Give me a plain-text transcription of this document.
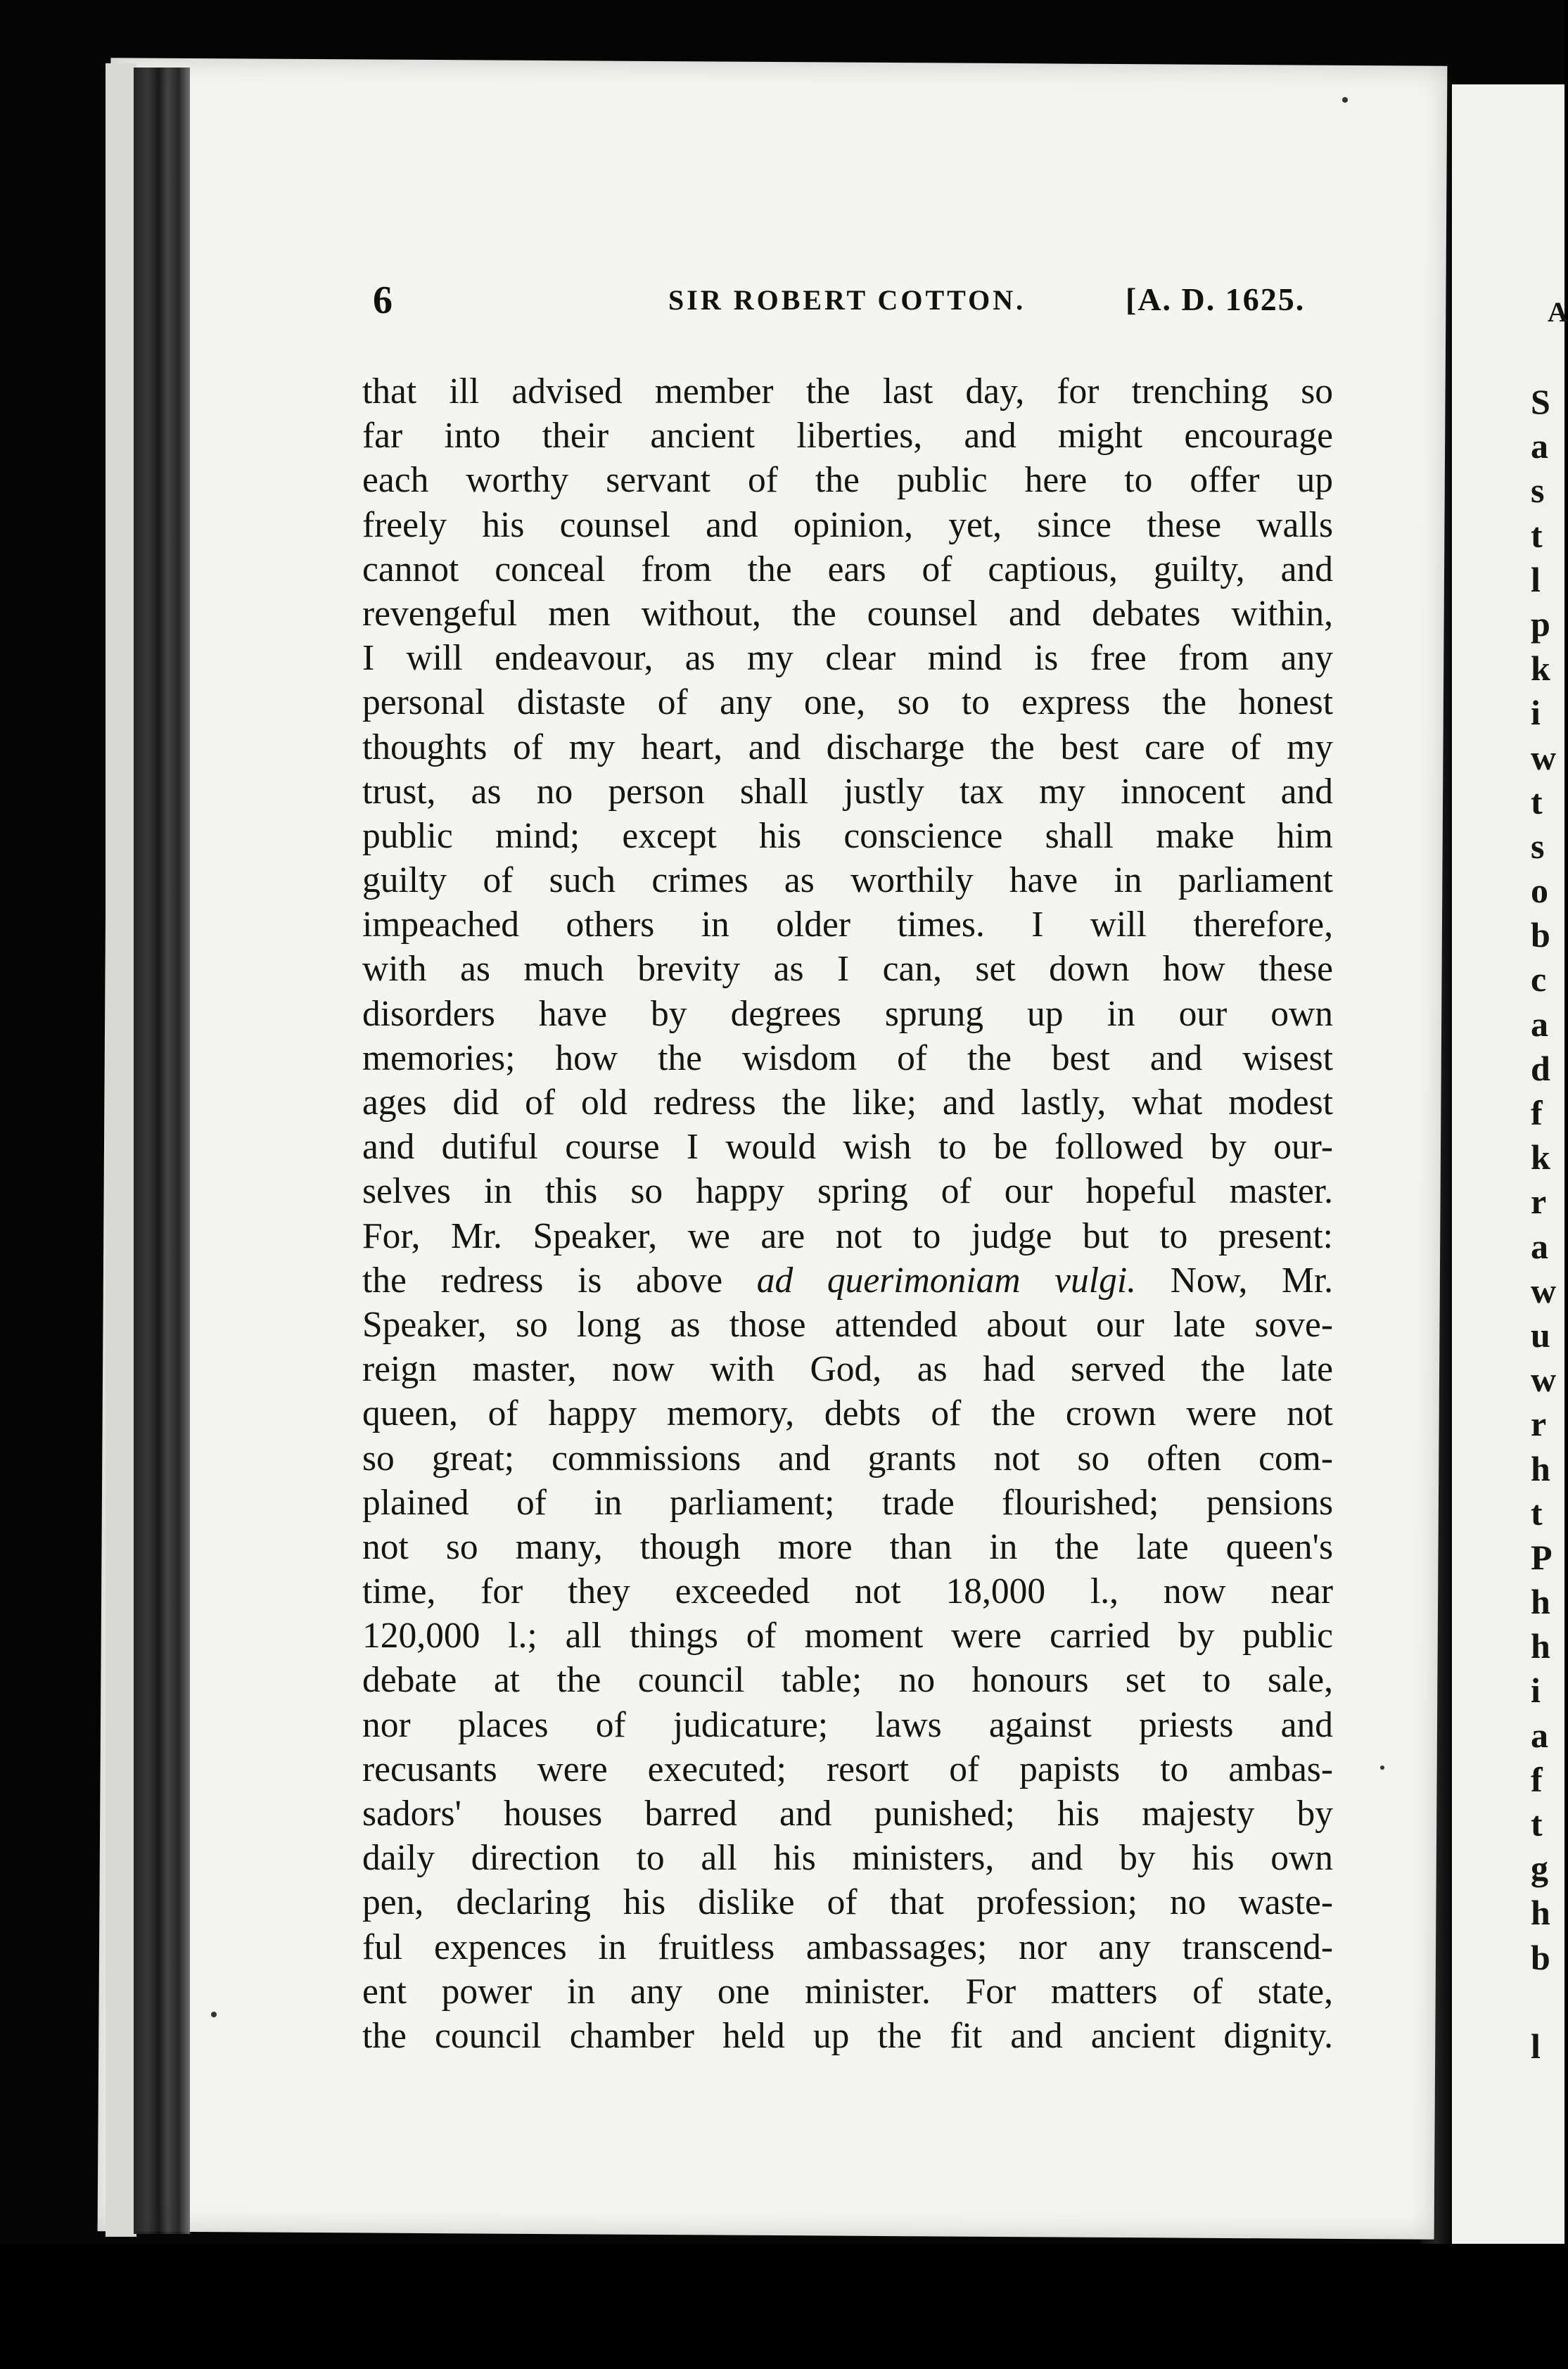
6	SIR ROBERT COTTON.	[A. D. 1625.
that ill advised member the last day, for trenching so
far into their ancient liberties, and might encourage
each worthy servant of the public here to offer up
freely his counsel and opinion, yet, since these walls
cannot conceal from the ears of captious, guilty, and
revengeful men without, the counsel and debates within,
I will endeavour, as my clear mind is free from any
personal distaste of any one, so to express the honest
thoughts of my heart, and discharge the best care of my
trust, as no person shall justly tax my innocent and
public mind; except his conscience shall make him
guilty of such crimes as worthily have in parliament
impeached others in older times. I will therefore,
with as much brevity as I can, set down how these
disorders have by degrees sprung up in our own
memories; how the wisdom of the best and wisest
ages did of old redress the like; and lastly, what modest
and dutiful course I would wish to be followed by our-
selves in this so happy spring of our hopeful master.
For, Mr. Speaker, we are not to judge but to present:
the redress is above ad querimoniam vulgi. Now, Mr.
Speaker, so long as those attended about our late sove-
reign master, now with God, as had served the late
queen, of happy memory, debts of the crown were not
so great; commissions and grants not so often com-
plained of in parliament; trade flourished; pensions
not so many, though more than in the late queen's
time, for they exceeded not 18,000 l., now near
120,000 l.; all things of moment were carried by public
debate at the council table; no honours set to sale,
nor places of judicature; laws against priests and
recusants were executed; resort of papists to ambas-
sadors' houses barred and punished; his majesty by
daily direction to all his ministers, and by his own
pen, declaring his dislike of that profession; no waste-
ful expences in fruitless ambassages; nor any transcend-
ent power in any one minister. For matters of state,
the council chamber held up the fit and ancient dignity.
A
S
a
s
t
l
p
k
i
w
t
s
o
b
c
a
d
f
k
r
a
w
u
w
r
h
t
P
h
h
i
a
f
t
g
h
b
l
